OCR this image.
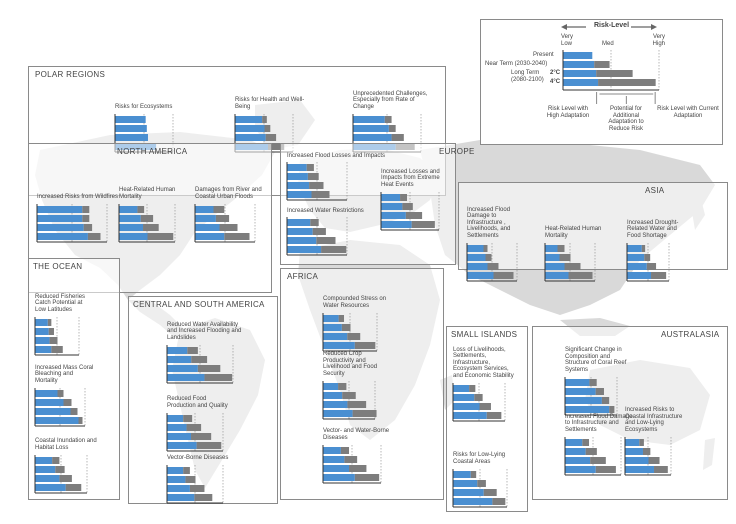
POLAR REGIONS
Risks for Ecosystems
Risks for Health and Well-Being
Unprecedented Challenges, Especially from Rate of Change
NORTH AMERICA
Increased Risks from Wildfires
Heat-Related Human Mortality
Damages from River and Coastal Urban Floods
EUROPE
Increased Flood Losses and Impacts
Increased Water Restrictions
Increased Losses and Impacts from Extreme Heat Events
ASIA
Increased Flood Damage to Infrastructure , Livelihoods, and Settlements
Heat-Related Human Mortality
Increased Drought-Related Water and Food Shortage
THE OCEAN
Reduced Fisheries Catch Potential at Low Latitudes
Increased Mass Coral Bleaching and Mortality
Coastal Inundation and Habitat Loss
CENTRAL AND SOUTH AMERICA
Reduced Water Availability and Increased Flooding and Landslides
Reduced Food Production and Quality
Vector-Borne Diseases
AFRICA
Compounded Stress on Water Resources
Reduced Crop Productivity and Livelihood and Food Security
Vector- and Water-Borne Diseases
SMALL ISLANDS
Loss of Livelihoods, Settlements, Infrastructure, Ecosystem Services, and Economic Stability
Risks for Low-Lying Coastal Areas
AUSTRALASIA
Significant Change in Composition and Structure of Coral Reef Systems
Increased Flood Damage to Infrastructure and Settlements
Increased Risks to Coastal Infrastructure and Low-Lying Ecosystems
Risk-Level
Very Low	Med
Very High
Present
Near Term (2030-2040)
Long Term (2080-2100)
2°C
4°C
Risk Level with High Adaptation
Potential for Additional Adaptation to Reduce Risk
Risk Level with Current Adaptation
